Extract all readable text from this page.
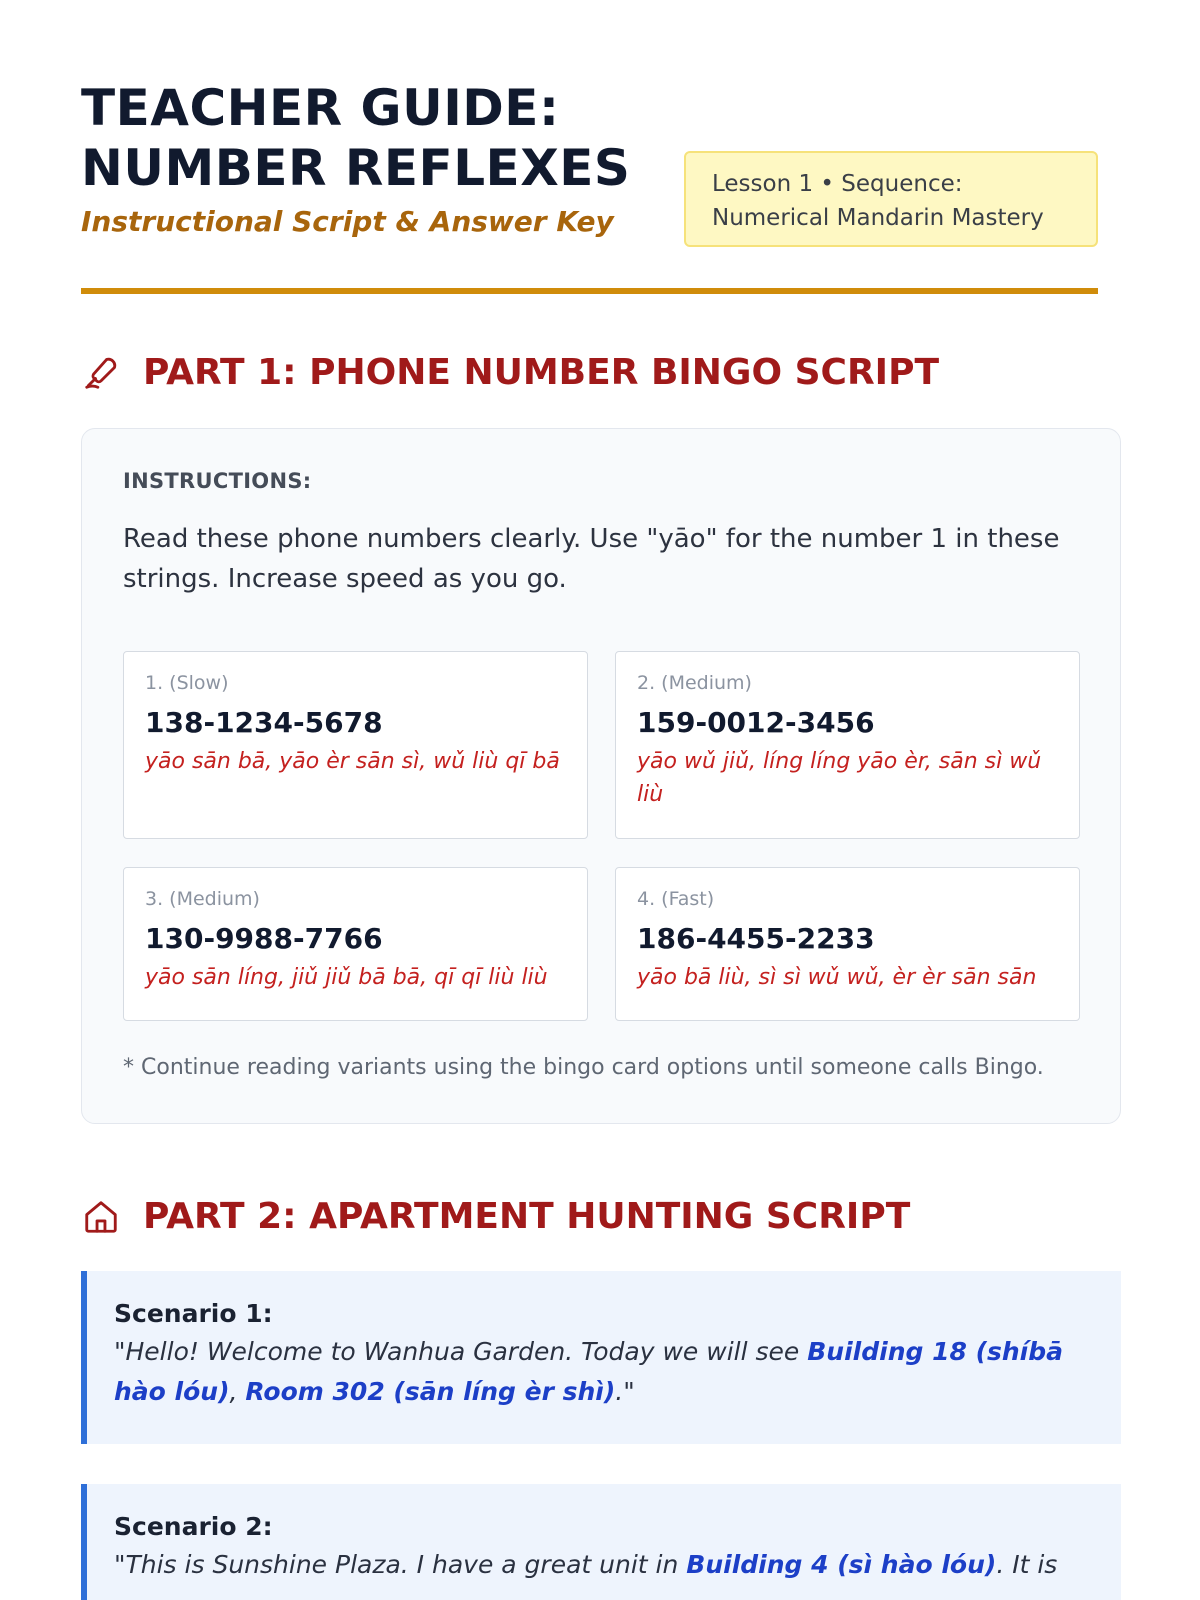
TEACHER GUIDE:
NUMBER REFLEXES
Instructional Script & Answer Key
Lesson 1 • Sequence: Numerical Mandarin Mastery
PART 1: PHONE NUMBER BINGO SCRIPT
INSTRUCTIONS:
Read these phone numbers clearly. Use "yāo" for the number 1 in these strings. Increase speed as you go.
1. (Slow)
138-1234-5678
yāo sān bā, yāo èr sān sì, wǔ liù qī bā
2. (Medium)
159-0012-3456
yāo wǔ jiǔ, líng líng yāo èr, sān sì wǔ liù
3. (Medium)
130-9988-7766
yāo sān líng, jiǔ jiǔ bā bā, qī qī liù liù
4. (Fast)
186-4455-2233
yāo bā liù, sì sì wǔ wǔ, èr èr sān sān
* Continue reading variants using the bingo card options until someone calls Bingo.
PART 2: APARTMENT HUNTING SCRIPT
Scenario 1:
"Hello! Welcome to Wanhua Garden. Today we will see Building 18 (shíbā hào lóu), Room 302 (sān líng èr shì)."
Scenario 2:
"This is Sunshine Plaza. I have a great unit in Building 4 (sì hào lóu). It is
